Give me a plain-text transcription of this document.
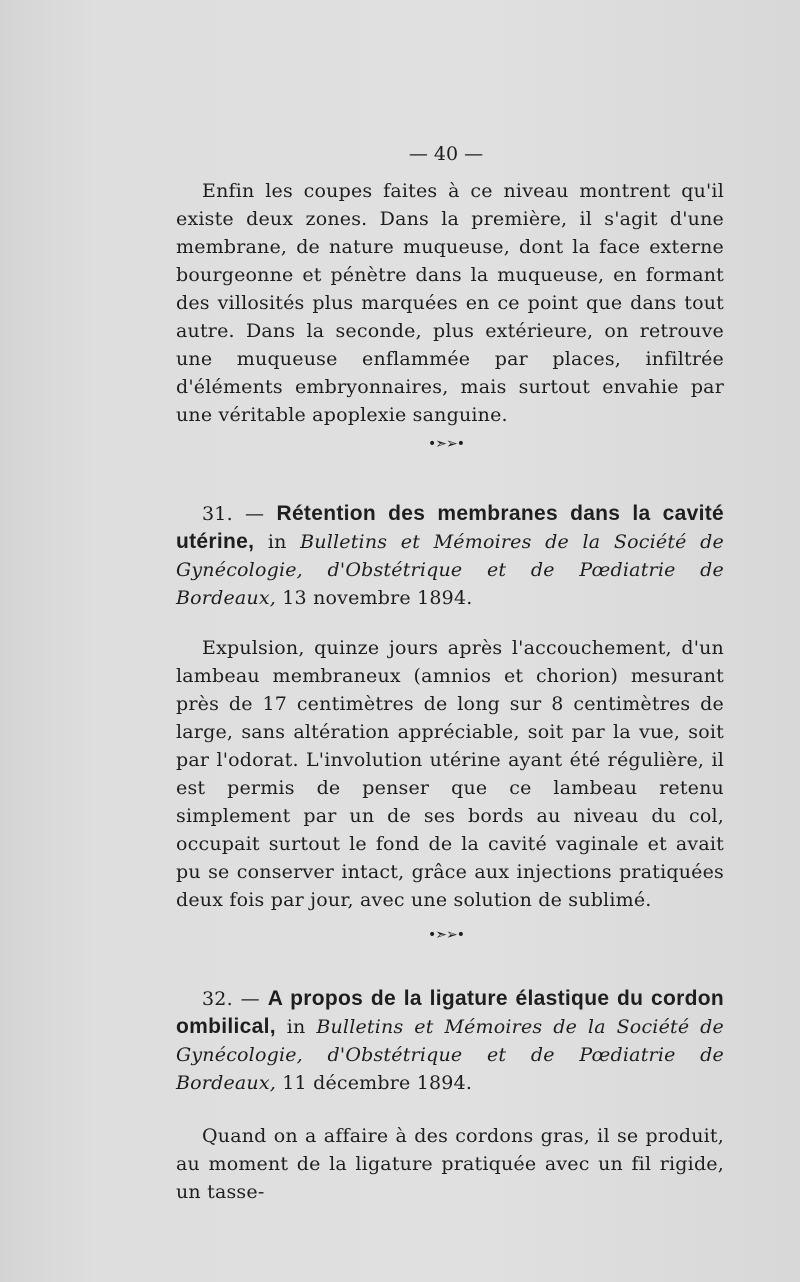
— 40 —

Enfin les coupes faites à ce niveau montrent qu'il existe deux zones. Dans la première, il s'agit d'une membrane, de nature muqueuse, dont la face externe bourgeonne et pénètre dans la muqueuse, en formant des villosités plus marquées en ce point que dans tout autre. Dans la seconde, plus extérieure, on retrouve une muqueuse enflammée par places, infiltrée d'éléments embryonnaires, mais surtout envahie par une véritable apoplexie sanguine.

•➣➢•

31. — Rétention des membranes dans la cavité utérine, in Bulletins et Mémoires de la Société de Gynécologie, d'Obstétrique et de Pœdiatrie de Bordeaux, 13 novembre 1894.

Expulsion, quinze jours après l'accouchement, d'un lambeau membraneux (amnios et chorion) mesurant près de 17 centimètres de long sur 8 centimètres de large, sans altération appréciable, soit par la vue, soit par l'odorat. L'involution utérine ayant été régulière, il est permis de penser que ce lambeau retenu simplement par un de ses bords au niveau du col, occupait surtout le fond de la cavité vaginale et avait pu se conserver intact, grâce aux injections pratiquées deux fois par jour, avec une solution de sublimé.

•➣➢•

32. — A propos de la ligature élastique du cordon ombilical, in Bulletins et Mémoires de la Société de Gynécologie, d'Obstétrique et de Pœdiatrie de Bordeaux, 11 décembre 1894.

Quand on a affaire à des cordons gras, il se produit, au moment de la ligature pratiquée avec un fil rigide, un tasse-
